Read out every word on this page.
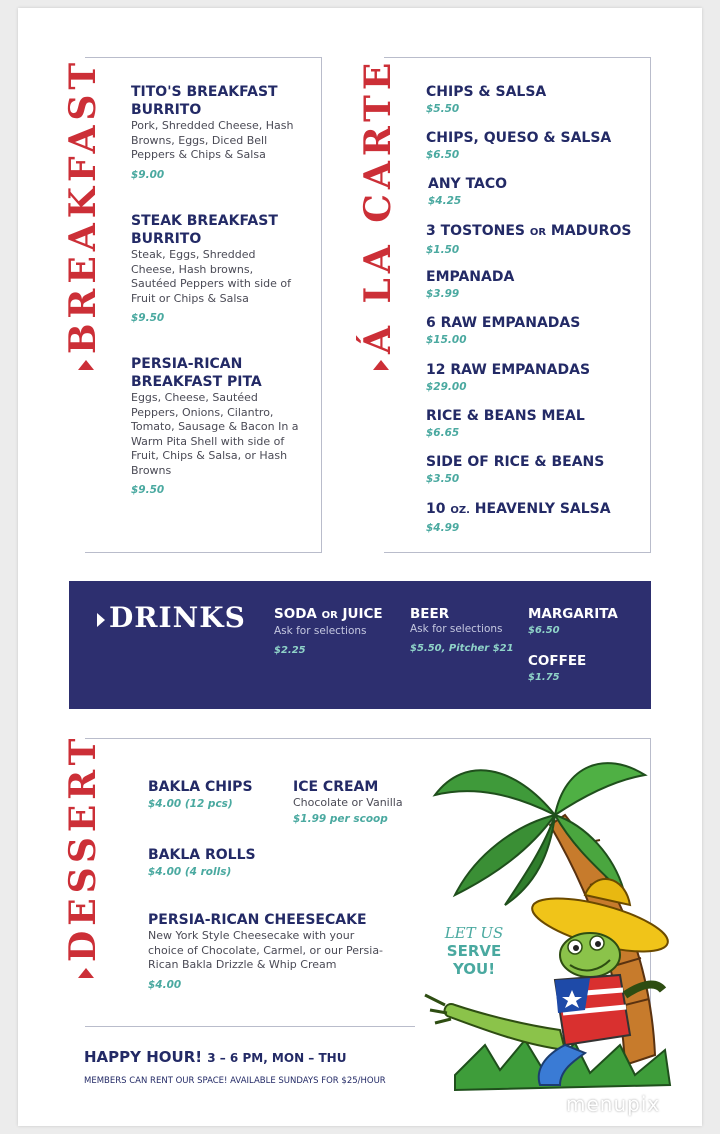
BREAKFAST TITO'S BREAKFAST BURRITO
Pork, Shredded Cheese, Hash Browns, Eggs, Diced Bell Peppers & Chips & Salsa
$9.00
STEAK BREAKFAST BURRITO
Steak, Eggs, Shredded Cheese, Hash browns, Sautéed Peppers with side of Fruit or Chips & Salsa
$9.50
PERSIA-RICAN BREAKFAST PITA
Eggs, Cheese, Sautéed Peppers, Onions, Cilantro, Tomato, Sausage & Bacon In a Warm Pita Shell with side of Fruit, Chips & Salsa, or Hash Browns
$9.50
Á LA CARTE CHIPS & SALSA
$5.50
CHIPS, QUESO & SALSA
$6.50
ANY TACO
$4.25
3 TOSTONES OR MADUROS
$1.50
EMPANADA
$3.99
6 RAW EMPANADAS
$15.00
12 RAW EMPANADAS
$29.00
RICE & BEANS MEAL
$6.65
SIDE OF RICE & BEANS
$3.50
10 OZ. HEAVENLY SALSA
$4.99
DRINKS SODA OR JUICE
Ask for selections
$2.25
BEER
Ask for selections
$5.50, Pitcher $21
MARGARITA
$6.50
COFFEE
$1.75
DESSERT	BAKLA CHIPS
$4.00 (12 pcs)
ICE CREAM
Chocolate or Vanilla
$1.99 per scoop
BAKLA ROLLS
$4.00 (4 rolls)
PERSIA-RICAN CHEESECAKE
New York Style Cheesecake with your choice of Chocolate, Carmel, or our Persia-Rican Bakla Drizzle & Whip Cream
$4.00
LET US
SERVE YOU!
HAPPY HOUR! 3 – 6 PM, MON – THU
MEMBERS CAN RENT OUR SPACE! AVAILABLE SUNDAYS FOR $25/HOUR
menupix
